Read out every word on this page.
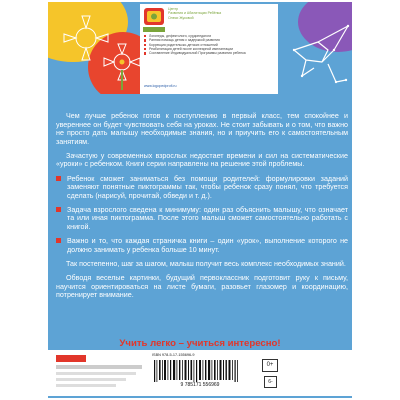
Центр
Развития и Абилитации Ребёнка
Олеси Жуковой
Логопеды, дефектологи, сурдопедагоги
Ранняя помощь детям с задержкой развития
Коррекция родительско-детских отношений
Реабилитация детей после кохлеарной имплантации
Составление Индивидуальной Программы развития ребенка
www.logopedprofi.ru

Чем лучше ребенок готов к поступлению в первый класс, тем спокойнее и увереннее он будет чувствовать себя на уроках. Не стоит забывать и о том, что важно не просто дать малышу необходимые знания, но и приучить его к самостоятельным занятиям.

Зачастую у современных взрослых недостает времени и сил на систематические «уроки» с ребенком. Книги серии направлены на решение этой проблемы.

Ребенок сможет заниматься без помощи родителей: формулировки заданий заменяют понятные пиктограммы так, чтобы ребенок сразу понял, что требуется сделать (нарисуй, прочитай, обведи и т. д.).

Задача взрослого сведена к минимуму: один раз объяснить малышу, что означает та или иная пиктограмма. После этого малыш сможет самостоятельно работать с книгой.

Важно и то, что каждая страничка книги – один «урок», выполнение которого не должно занимать у ребенка больше 10 минут.

Так постепенно, шаг за шагом, малыш получит весь комплекс необходимых знаний.

Обводя веселые картинки, будущий первоклассник подготовит руку к письму, научится ориентироваться на листе бумаги, разовьет глазомер и координацию, потренирует внимание.

Учить легко – учиться интересно!
ISBN 978-5-17-155696-9
9 785171 556969
0+
6-
